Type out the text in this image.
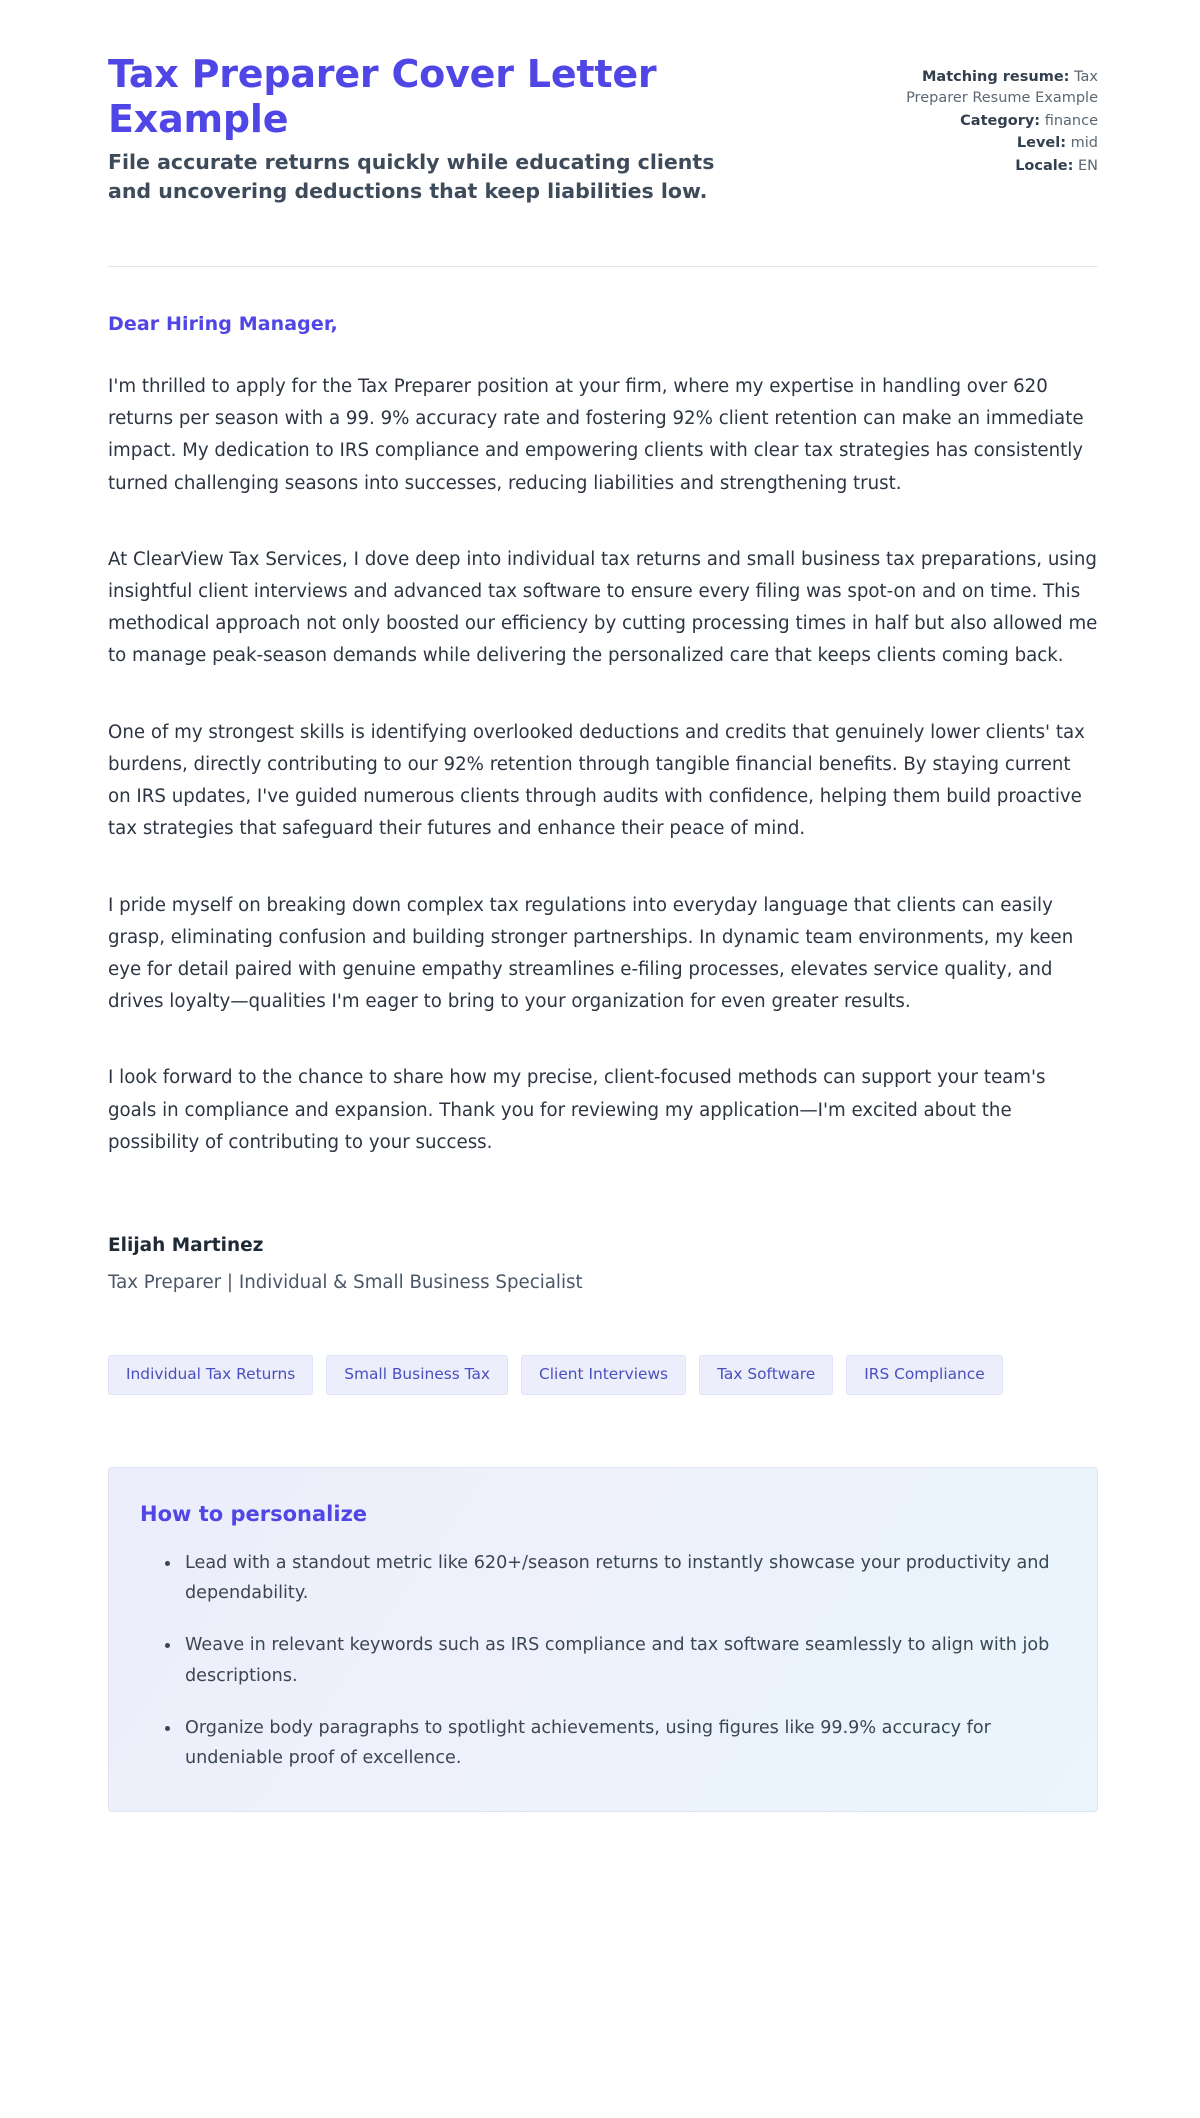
Tax Preparer Cover Letter Example

File accurate returns quickly while educating clients and uncovering deductions that keep liabilities low.

Matching resume: Tax Preparer Resume Example
Category: finance
Level: mid
Locale: EN

Dear Hiring Manager,

I'm thrilled to apply for the Tax Preparer position at your firm, where my expertise in handling over 620 returns per season with a 99. 9% accuracy rate and fostering 92% client retention can make an immediate impact. My dedication to IRS compliance and empowering clients with clear tax strategies has consistently turned challenging seasons into successes, reducing liabilities and strengthening trust.

At ClearView Tax Services, I dove deep into individual tax returns and small business tax preparations, using insightful client interviews and advanced tax software to ensure every filing was spot-on and on time. This methodical approach not only boosted our efficiency by cutting processing times in half but also allowed me to manage peak-season demands while delivering the personalized care that keeps clients coming back.

One of my strongest skills is identifying overlooked deductions and credits that genuinely lower clients' tax burdens, directly contributing to our 92% retention through tangible financial benefits. By staying current on IRS updates, I've guided numerous clients through audits with confidence, helping them build proactive tax strategies that safeguard their futures and enhance their peace of mind.

I pride myself on breaking down complex tax regulations into everyday language that clients can easily grasp, eliminating confusion and building stronger partnerships. In dynamic team environments, my keen eye for detail paired with genuine empathy streamlines e-filing processes, elevates service quality, and drives loyalty—qualities I'm eager to bring to your organization for even greater results.

I look forward to the chance to share how my precise, client-focused methods can support your team's goals in compliance and expansion. Thank you for reviewing my application—I'm excited about the possibility of contributing to your success.

Elijah Martinez

Tax Preparer | Individual & Small Business Specialist

Individual Tax Returns	Small Business Tax	Client Interviews	Tax Software	IRS Compliance
How to personalize
Lead with a standout metric like 620+/season returns to instantly showcase your productivity and dependability.
Weave in relevant keywords such as IRS compliance and tax software seamlessly to align with job descriptions.
Organize body paragraphs to spotlight achievements, using figures like 99.9% accuracy for undeniable proof of excellence.
